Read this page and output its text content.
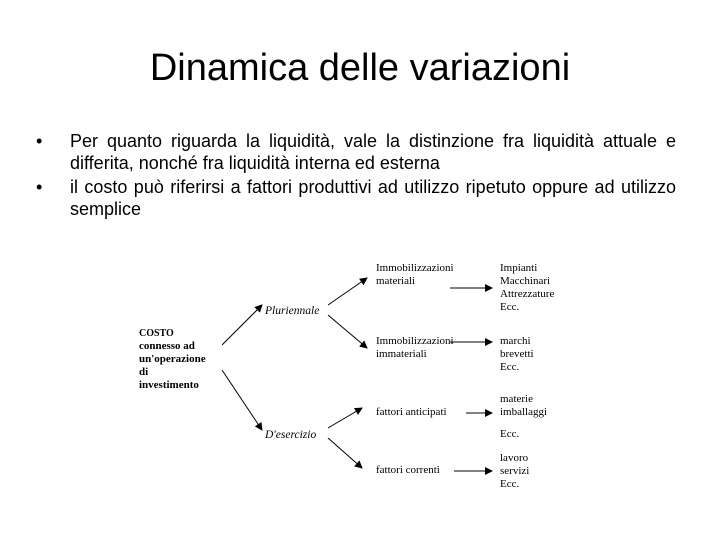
Dinamica delle variazioni
•	Per quanto riguarda la liquidità, vale la distinzione fra liquidità attuale e differita, nonché fra liquidità interna ed esterna
•	il costo può riferirsi a fattori produttivi ad utilizzo ripetuto oppure ad utilizzo semplice
COSTO
connesso ad
un'operazione
di
investimento
Pluriennale
D'esercizio
Immobilizzazioni
materiali
Immobilizzazioni
immateriali
fattori anticipati
fattori correnti
Impianti
Macchinari
Attrezzature
Ecc.
marchi
brevetti
Ecc.
materie
imballaggi
Ecc.
lavoro
servizi
Ecc.
